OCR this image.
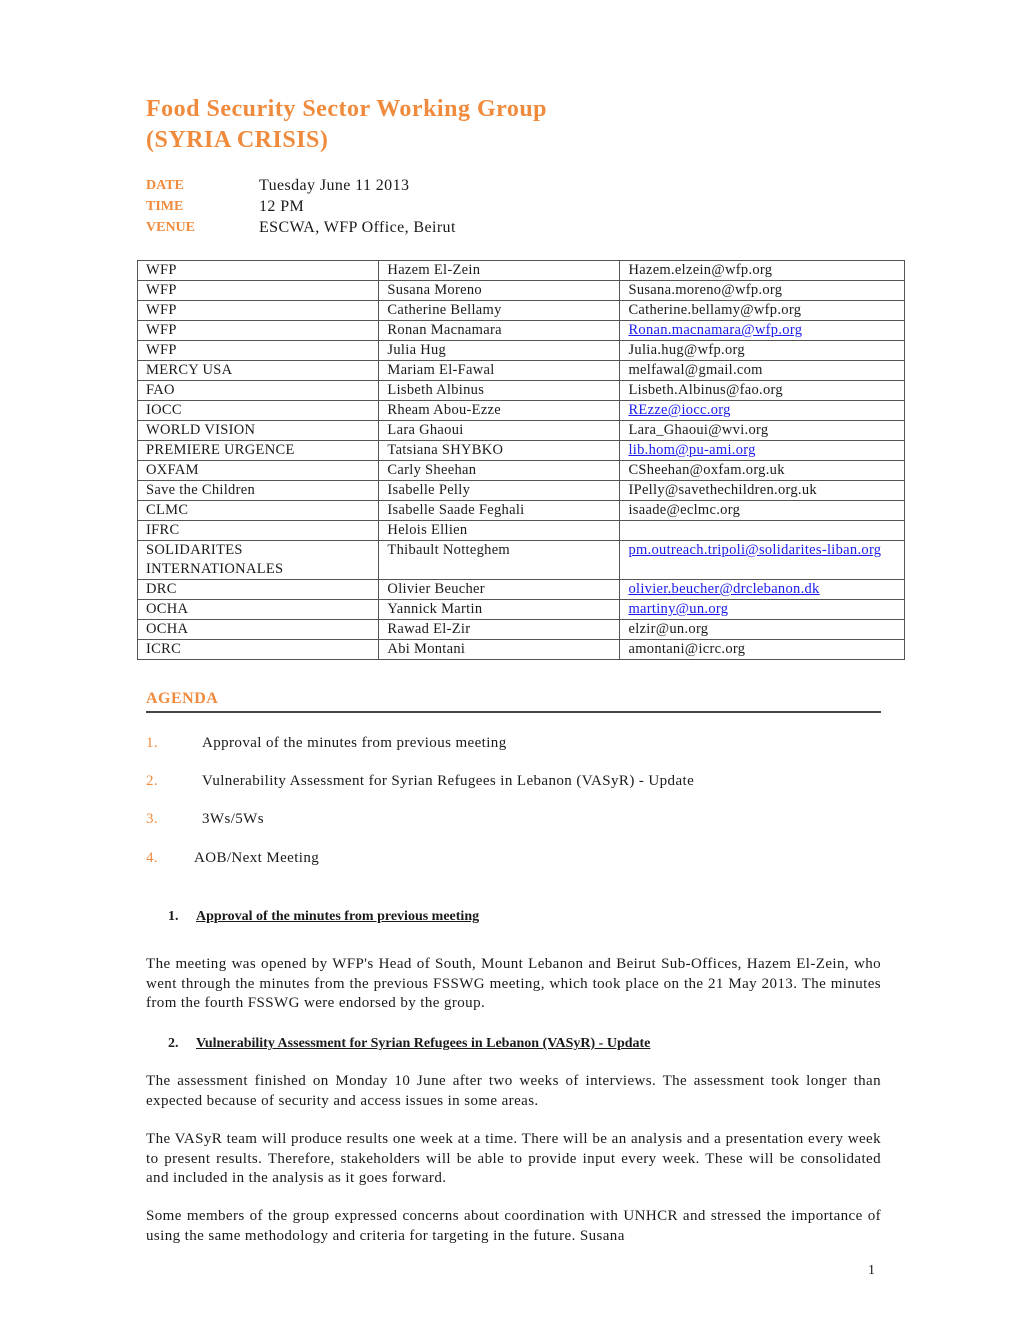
Food Security Sector Working Group
(SYRIA CRISIS)
DATE	Tuesday June 11 2013
TIME	12 PM
VENUE	ESCWA, WFP Office, Beirut
WFP	Hazem El-Zein	Hazem.elzein@wfp.org
WFP	Susana Moreno	Susana.moreno@wfp.org
WFP	Catherine Bellamy	Catherine.bellamy@wfp.org
WFP	Ronan Macnamara	Ronan.macnamara@wfp.org
WFP	Julia Hug	Julia.hug@wfp.org
MERCY USA	Mariam El-Fawal	melfawal@gmail.com
FAO	Lisbeth Albinus	Lisbeth.Albinus@fao.org
IOCC	Rheam Abou-Ezze	REzze@iocc.org
WORLD VISION	Lara Ghaoui	Lara_Ghaoui@wvi.org
PREMIERE URGENCE	Tatsiana SHYBKO	lib.hom@pu-ami.org
OXFAM	Carly Sheehan	CSheehan@oxfam.org.uk
Save the Children	Isabelle Pelly	IPelly@savethechildren.org.uk
CLMC	Isabelle Saade Feghali	isaade@eclmc.org
IFRC	Helois Ellien	
SOLIDARITES INTERNATIONALES	Thibault Notteghem	pm.outreach.tripoli@solidarites-liban.org
DRC	Olivier Beucher	olivier.beucher@drclebanon.dk
OCHA	Yannick Martin	martiny@un.org
OCHA	Rawad El-Zir	elzir@un.org
ICRC	Abi Montani	amontani@icrc.org
AGENDA
1.	Approval of the minutes from previous meeting
2.	Vulnerability Assessment for Syrian Refugees in Lebanon (VASyR) - Update
3.	3Ws/5Ws
4. AOB/Next Meeting
1. Approval of the minutes from previous meeting

The meeting was opened by WFP's Head of South, Mount Lebanon and Beirut Sub-Offices, Hazem El-Zein, who went through the minutes from the previous FSSWG meeting, which took place on the 21 May 2013. The minutes from the fourth FSSWG were endorsed by the group.

2. Vulnerability Assessment for Syrian Refugees in Lebanon (VASyR) - Update

The assessment finished on Monday 10 June after two weeks of interviews. The assessment took longer than expected because of security and access issues in some areas.

The VASyR team will produce results one week at a time. There will be an analysis and a presentation every week to present results. Therefore, stakeholders will be able to provide input every week. These will be consolidated and included in the analysis as it goes forward.

Some members of the group expressed concerns about coordination with UNHCR and stressed the importance of using the same methodology and criteria for targeting in the future. Susana

1
